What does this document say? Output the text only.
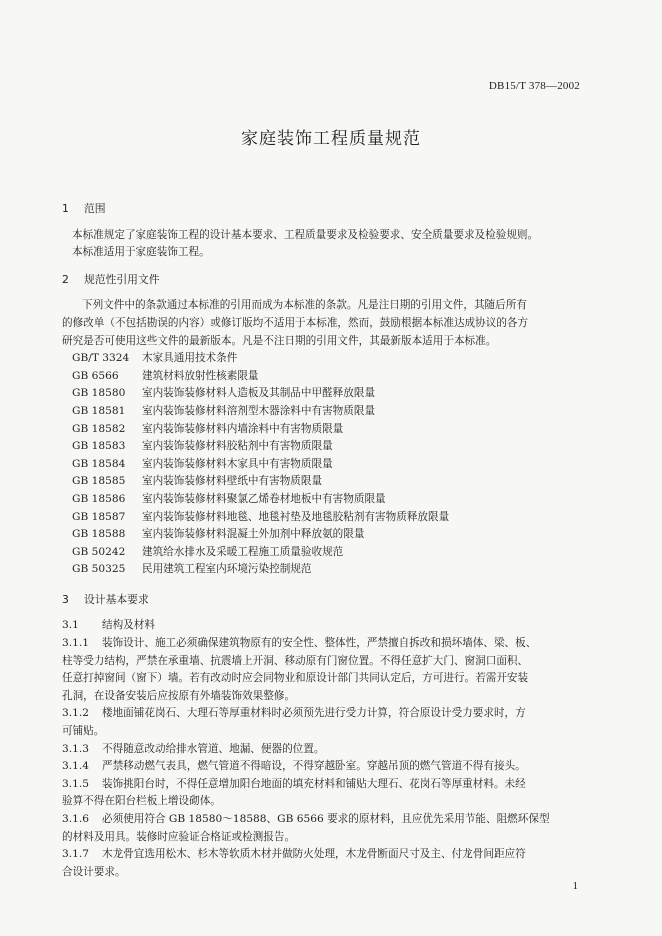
DB15/T 378—2002
家庭装饰工程质量规范

1 范围

本标准规定了家庭装饰工程的设计基本要求、工程质量要求及检验要求、安全质量要求及检验规则。

本标准适用于家庭装饰工程。

2 规范性引用文件

下列文件中的条款通过本标准的引用而成为本标准的条款。凡是注日期的引用文件，其随后所有

的修改单（不包括勘误的内容）或修订版均不适用于本标准，然而，鼓励根据本标准达成协议的各方

研究是否可使用这些文件的最新版本。凡是不注日期的引用文件，其最新版本适用于本标准。

GB/T 3324 木家具通用技术条件
GB 6566 建筑材料放射性核素限量
GB 18580 室内装饰装修材料人造板及其制品中甲醛释放限量
GB 18581 室内装饰装修材料溶剂型木器涂料中有害物质限量
GB 18582 室内装饰装修材料内墙涂料中有害物质限量
GB 18583 室内装饰装修材料胶粘剂中有害物质限量
GB 18584 室内装饰装修材料木家具中有害物质限量
GB 18585 室内装饰装修材料壁纸中有害物质限量
GB 18586 室内装饰装修材料聚氯乙烯卷材地板中有害物质限量
GB 18587 室内装饰装修材料地毯、地毯衬垫及地毯胶粘剂有害物质释放限量
GB 18588 室内装饰装修材料混凝土外加剂中释放氨的限量
GB 50242 建筑给水排水及采暖工程施工质量验收规范
GB 50325 民用建筑工程室内环境污染控制规范

3 设计基本要求

3.1 结构及材料

3.1.1 装饰设计、施工必须确保建筑物原有的安全性、整体性，严禁擅自拆改和损坏墙体、梁、板、

柱等受力结构，严禁在承重墙、抗震墙上开洞、移动原有门窗位置。不得任意扩大门、窗洞口面积、

任意打掉窗间（窗下）墙。若有改动时应会同物业和原设计部门共同认定后，方可进行。若需开安装

孔洞，在设备安装后应按原有外墙装饰效果整修。

3.1.2 楼地面铺花岗石、大理石等厚重材料时必须预先进行受力计算，符合原设计受力要求时，方

可铺贴。

3.1.3 不得随意改动给排水管道、地漏、便器的位置。

3.1.4 严禁移动燃气表具，燃气管道不得暗设，不得穿越卧室。穿越吊顶的燃气管道不得有接头。

3.1.5 装饰挑阳台时，不得任意增加阳台地面的填充材料和铺贴大理石、花岗石等厚重材料。未经

验算不得在阳台栏板上增设砌体。

3.1.6 必须使用符合 GB 18580～18588、GB 6566 要求的原材料，且应优先采用节能、阻燃环保型

的材料及用具。装修时应验证合格证或检测报告。

3.1.7 木龙骨宜选用松木、杉木等软质木材并做防火处理，木龙骨断面尺寸及主、付龙骨间距应符

合设计要求。

1
